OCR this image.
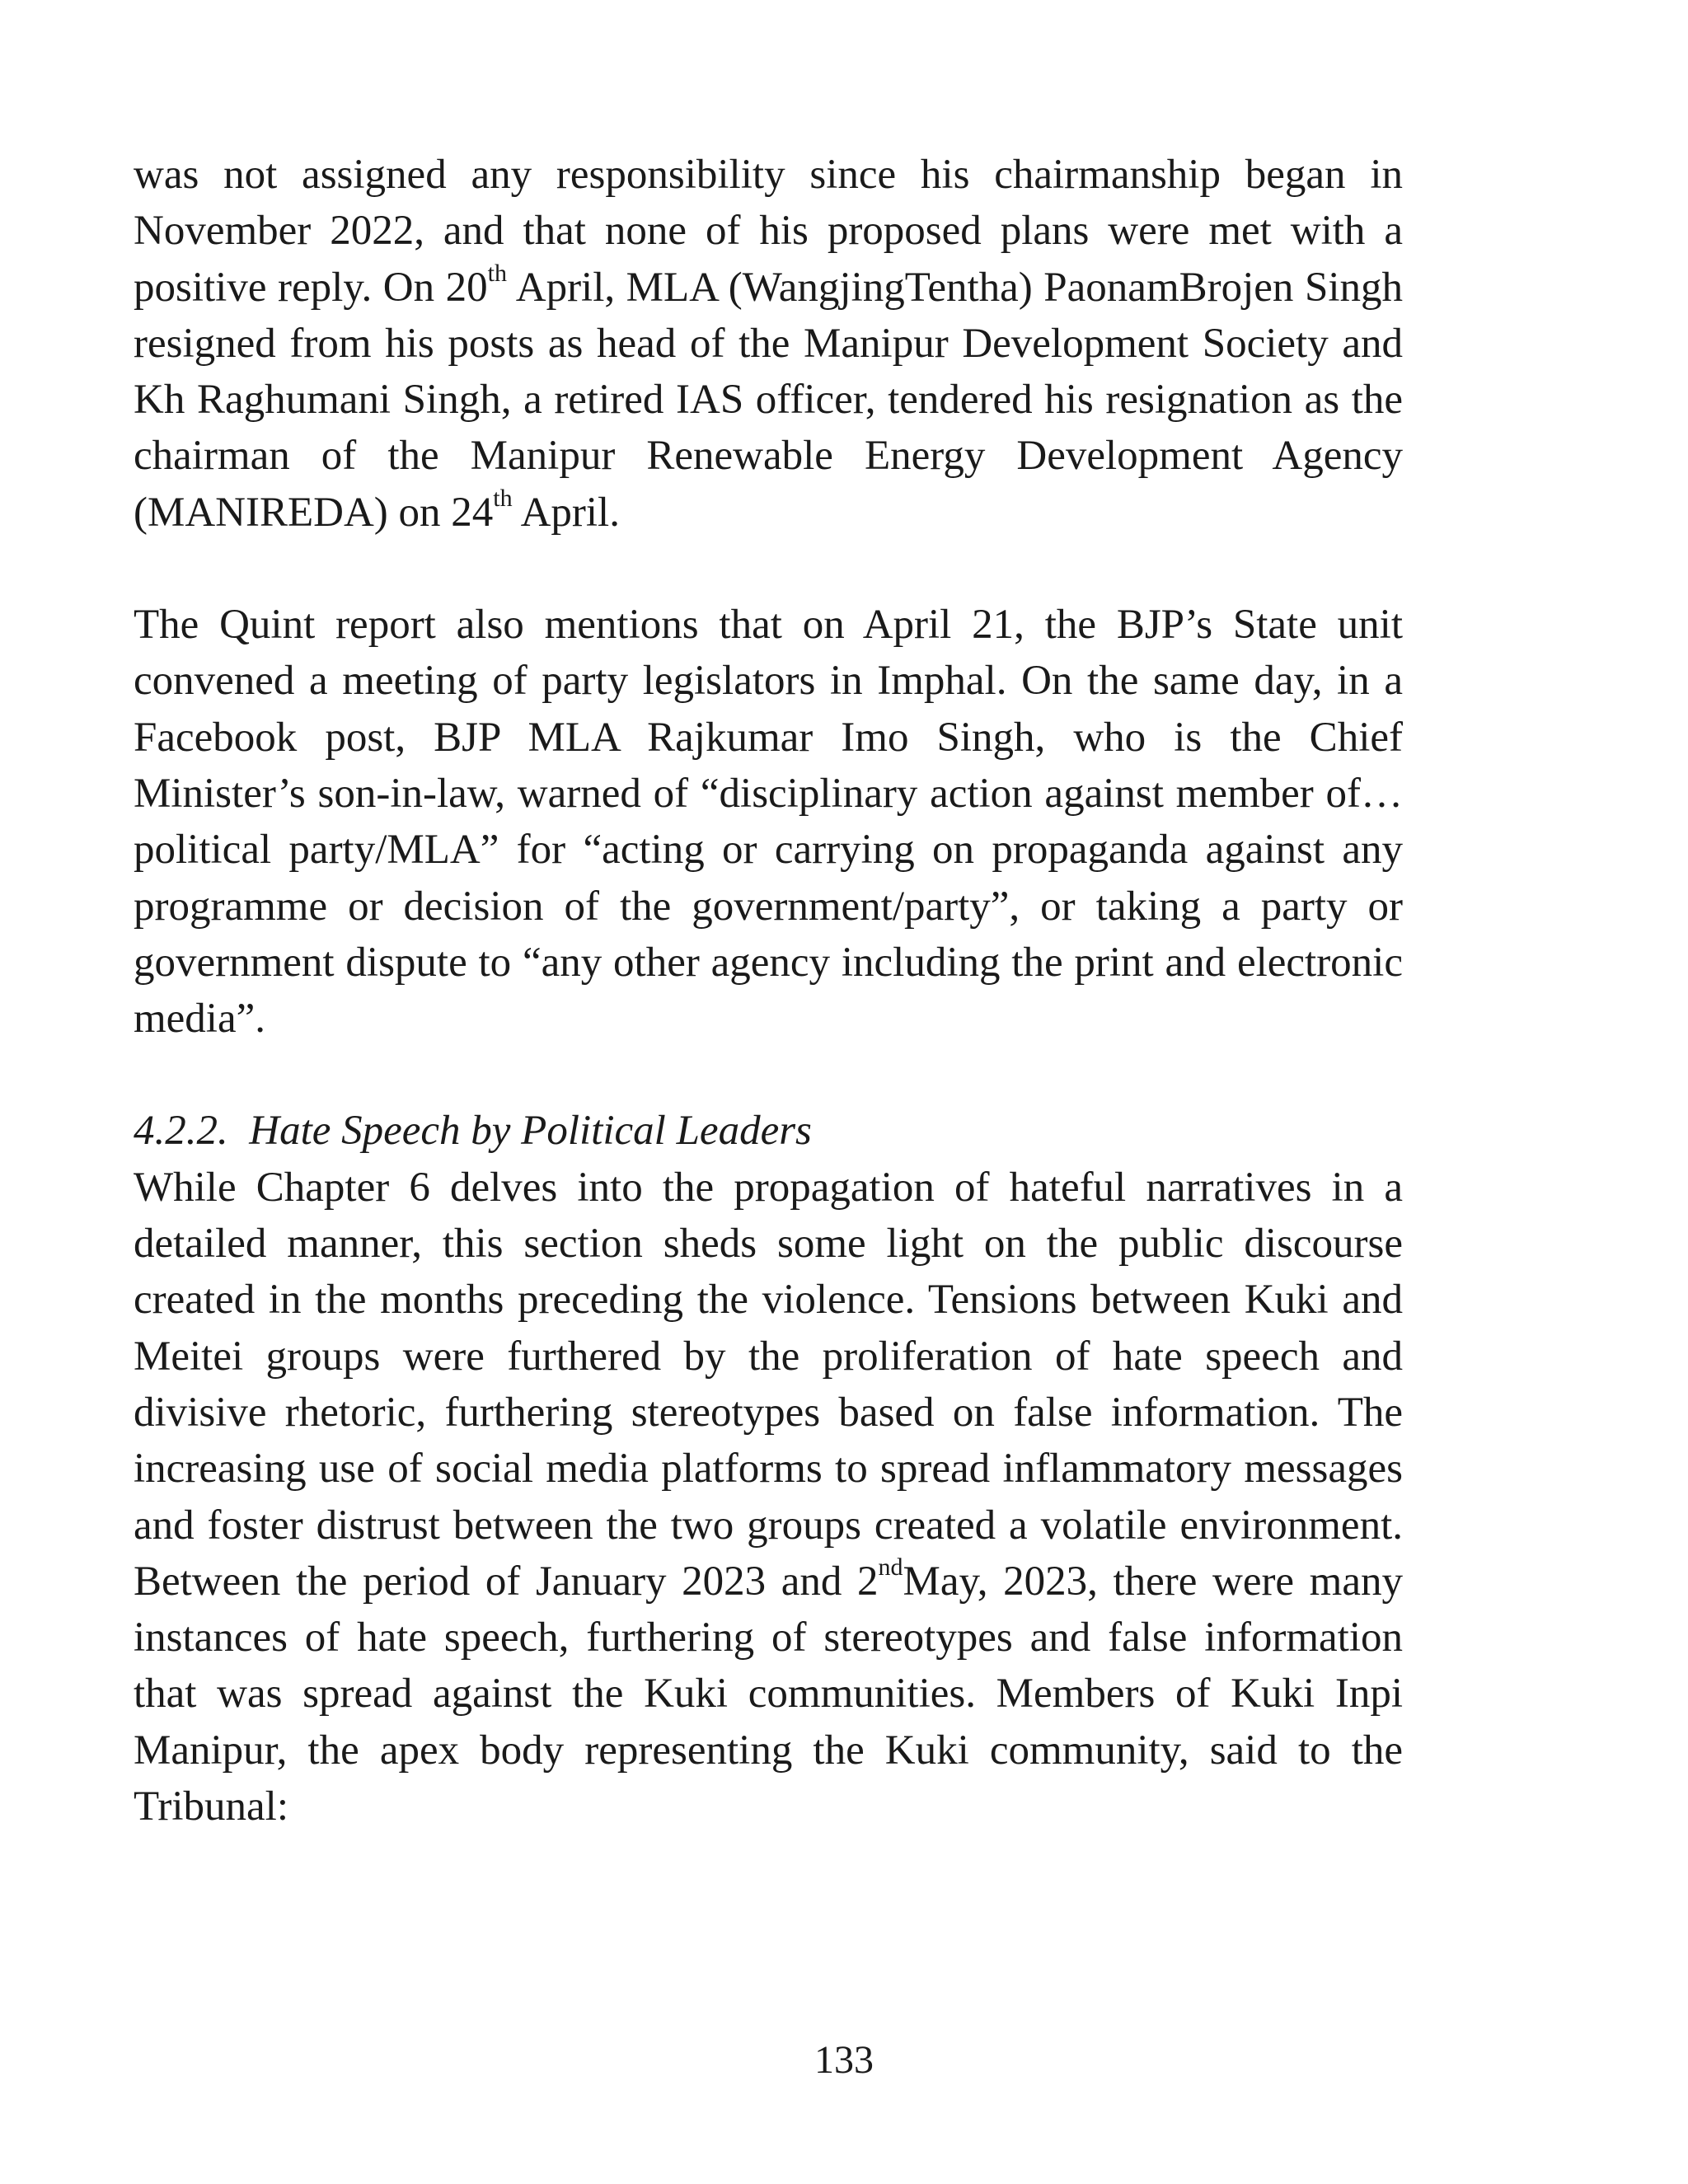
was not assigned any responsibility since his chairmanship began in November 2022, and that none of his proposed plans were met with a positive reply. On 20th April, MLA (WangjingTentha) PaonamBrojen Singh resigned from his posts as head of the Manipur Development Society and Kh Raghumani Singh, a retired IAS officer, tendered his resignation as the chairman of the Manipur Renewable Energy Development Agency (MANIREDA) on 24th April.

The Quint report also mentions that on April 21, the BJP’s State unit convened a meeting of party legislators in Imphal. On the same day, in a Facebook post, BJP MLA Rajkumar Imo Singh, who is the Chief Minister’s son-in-law, warned of “disciplinary action against member of… political party/MLA” for “acting or carrying on propaganda against any programme or decision of the government/party”, or taking a party or government dispute to “any other agency including the print and electronic media”.

4.2.2. Hate Speech by Political Leaders

While Chapter 6 delves into the propagation of hateful narratives in a detailed manner, this section sheds some light on the public discourse created in the months preceding the violence. Tensions between Kuki and Meitei groups were furthered by the proliferation of hate speech and divisive rhetoric, furthering stereotypes based on false information. The increasing use of social media platforms to spread inflammatory messages and foster distrust between the two groups created a volatile environment. Between the period of January 2023 and 2ndMay, 2023, there were many instances of hate speech, furthering of stereotypes and false information that was spread against the Kuki communities. Members of Kuki Inpi Manipur, the apex body representing the Kuki community, said to the Tribunal:

133
